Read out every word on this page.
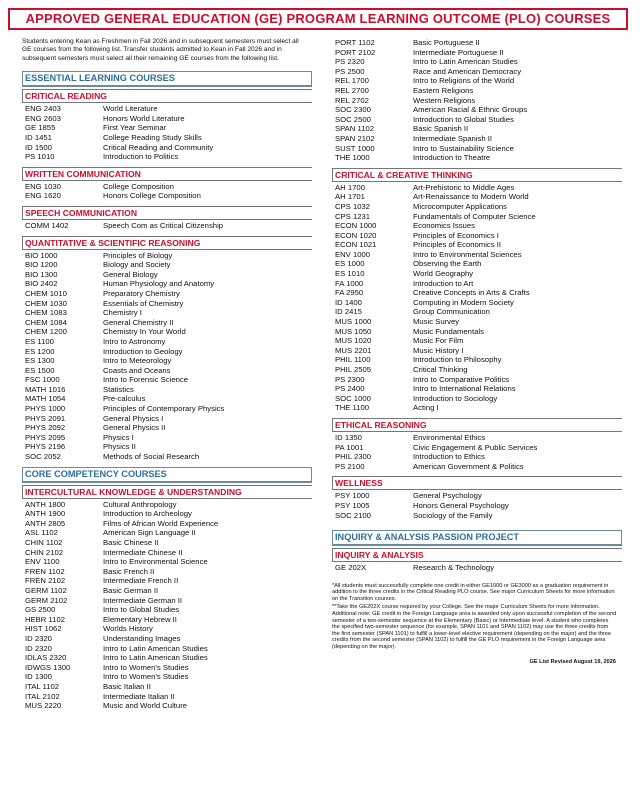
APPROVED GENERAL EDUCATION (GE) PROGRAM LEARNING OUTCOME (PLO) COURSES

Students entering Kean as Freshmen in Fall 2026 and in subsequent semesters must select all GE courses from the following list. Transfer students admitted to Kean in Fall 2026 and in subsequent semesters must select all their remaining GE courses from the following list.

ESSENTIAL LEARNING COURSES
CRITICAL READING
ENG 2403	World Literature
ENG 2603	Honors World Literature
GE 1855	First Year Seminar
ID 1451	College Reading Study Skills
ID 1500	Critical Reading and Community
PS 1010	Introduction to Politics
WRITTEN COMMUNICATION
ENG 1030	College Composition
ENG 1620	Honors College Composition
SPEECH COMMUNICATION
COMM 1402	Speech Com as Critical Citizenship
QUANTITATIVE & SCIENTIFIC REASONING
BIO 1000	Principles of Biology
BIO 1200	Biology and Society
BIO 1300	General Biology
BIO 2402	Human Physiology and Anatomy
CHEM 1010	Preparatory Chemistry
CHEM 1030	Essentials of Chemistry
CHEM 1083	Chemistry I
CHEM 1084	General Chemistry II
CHEM 1200	Chemistry In Your World
ES 1100	Intro to Astronomy
ES 1200	Introduction to Geology
ES 1300	Intro to Meteorology
ES 1500	Coasts and Oceans
FSC 1000	Intro to Forensic Science
MATH 1016	Statistics
MATH 1054	Pre-calculus
PHYS 1000	Principles of Contemporary Physics
PHYS 2091	General Physics I
PHYS 2092	General Physics II
PHYS 2095	Physics I
PHYS 2196	Physics II
SOC 2052	Methods of Social Research
CORE COMPETENCY COURSES
INTERCULTURAL KNOWLEDGE & UNDERSTANDING
ANTH 1800	Cultural Anthropology
ANTH 1900	Introduction to Archeology
ANTH 2805	Films of African World Experience
ASL 1102	American Sign Language II
CHIN 1102	Basic Chinese II
CHIN 2102	Intermediate Chinese II
ENV 1100	Intro to Environmental Science
FREN 1102	Basic French II
FREN 2102	Intermediate French II
GERM 1102	Basic German II
GERM 2102	Intermediate German II
GS 2500	Intro to Global Studies
HEBR 1102	Elementary Hebrew II
HIST 1062	Worlds History
ID 2320	Understanding Images
ID 2320	Intro to Latin American Studies
IDLAS 2320	Intro to Latin American Studies
IDWGS 1300	Intro to Women's Studies
ID 1300	Intro to Women's Studies
ITAL 1102	Basic Italian II
ITAL 2102	Intermediate Italian II
MUS 2220	Music and World Culture
PORT 1102	Basic Portuguese II
PORT 2102	Intermediate Portuguese II
PS 2320	Intro to Latin American Studies
PS 2500	Race and American Democracy
REL 1700	Intro to Religions of the World
REL 2700	Eastern Religions
REL 2702	Western Religions
SOC 2300	American Racial & Ethnic Groups
SOC 2500	Introduction to Global Studies
SPAN 1102	Basic Spanish II
SPAN 2102	Intermediate Spanish II
SUST 1000	Intro to Sustainability Science
THE 1000	Introduction to Theatre
CRITICAL & CREATIVE THINKING
AH 1700	Art-Prehistoric to Middle Ages
AH 1701	Art-Renaissance to Modern World
CPS 1032	Microcomputer Applications
CPS 1231	Fundamentals of Computer Science
ECON 1000	Economics Issues
ECON 1020	Principles of Economics I
ECON 1021	Principles of Economics II
ENV 1000	Intro to Environmental Sciences
ES 1000	Observing the Earth
ES 1010	World Geography
FA 1000	Introduction to Art
FA 2950	Creative Concepts in Arts & Crafts
ID 1400	Computing in Modern Society
ID 2415	Group Communication
MUS 1000	Music Survey
MUS 1050	Music Fundamentals
MUS 1020	Music For Film
MUS 2201	Music History I
PHIL 1100	Introduction to Philosophy
PHIL 2505	Critical Thinking
PS 2300	Intro to Comparative Politics
PS 2400	Intro to International Relations
SOC 1000	Introduction to Sociology
THE 1100	Acting I
ETHICAL REASONING
ID 1350	Environmental Ethics
PA 1001	Civic Engagement & Public Services
PHIL 2300	Introduction to Ethics
PS 2100	American Government & Politics
WELLNESS
PSY 1000	General Psychology
PSY 1005	Honors General Psychology
SOC 2100	Sociology of the Family
INQUIRY & ANALYSIS PASSION PROJECT
INQUIRY & ANALYSIS
GE 202X	Research & Technology

*All students must successfully complete one credit in either GE1000 or GE3000 as a graduation requirement in addition to the three credits in the Critical Reading PLO course. See major Curriculum Sheets for more information on the Transition courses.

**Take the GE202X course required by your College. See the major Curriculum Sheets for more information.

Additional note: GE credit in the Foreign Language area is awarded only upon successful completion of the second semester of a two-semester sequence at the Elementary (Basic) or Intermediate level. A student who completes the specified two-semester sequence (for example, SPAN 1101 and SPAN 1102) may use the three credits from the first semester (SPAN 1101) to fulfill a lower-level elective requirement (depending on the major) and the three credits from the second semester (SPAN 1102) to fulfill the GE PLO requirement in the Foreign Language area (depending on the major).

GE List Revised August 19, 2026
